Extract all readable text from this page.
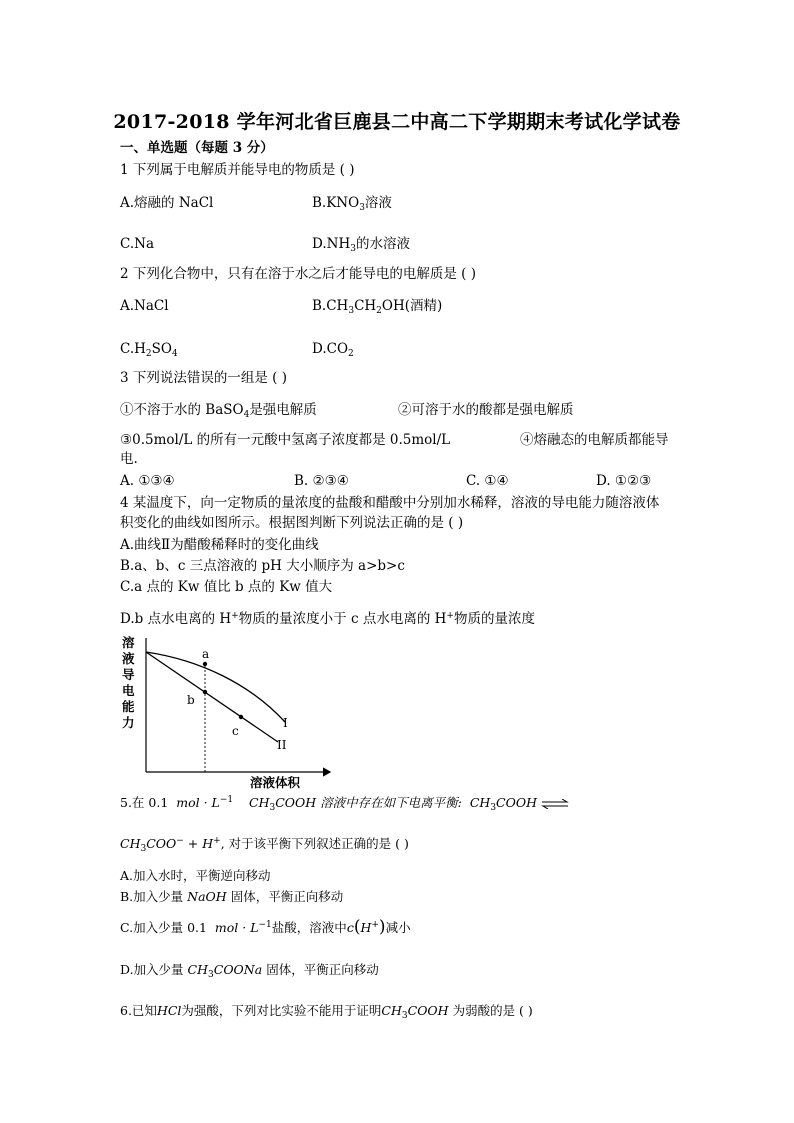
2017-2018 学年河北省巨鹿县二中高二下学期期末考试化学试卷
一、单选题（每题 3 分）
1 下列属于电解质并能导电的物质是 ( )
A.熔融的 NaCl	$B.KNO_3$溶液
C.Na	$D.NH_3$的水溶液
2 下列化合物中，只有在溶于水之后才能导电的电解质是 ( )
A.NaCl	$B.CH_3CH_2OH$(酒精)
$C.H_2SO_4$	$D.CO_2$
3 下列说法错误的一组是 ( )
①不溶于水的 BaSO$_4$是强电解质	②可溶于水的酸都是强电解质
③0.5mol/L 的所有一元酸中氢离子浓度都是 0.5mol/L	④熔融态的电解质都能导
电.
A. ①③④	B. ②③④	C. ①④	D. ①②③
4 某温度下，向一定物质的量浓度的盐酸和醋酸中分别加水稀释，溶液的导电能力随溶液体
积变化的曲线如图所示。根据图判断下列说法正确的是 ( )
A.曲线Ⅱ为醋酸稀释时的变化曲线
B.a、b、c 三点溶液的 pH 大小顺序为 a>b>c
C.a 点的 Kw 值比 b 点的 Kw 值大
D.b 点水电离的 H+物质的量浓度小于 c 点水电离的 H+物质的量浓度
溶
液
导
电
能
力
a
b
c
I
II
溶液体积
5.在 0.1 mol · $L^{-1}$ $CH_3COOH$ 溶液中存在如下电离平衡: $CH_3COOH$ ⇌
$CH_3COO^- + H^+$, 对于该平衡下列叙述正确的是 ( )
A.加入水时，平衡逆向移动
B.加入少量 NaOH 固体，平衡正向移动
C.加入少量 0.1 mol · $L^{-1}$盐酸，溶液中c(H+)减小
D.加入少量 $CH_3COONa$ 固体，平衡正向移动
6.已知HCl为强酸，下列对比实验不能用于证明$CH_3COOH$ 为弱酸的是 ( )
